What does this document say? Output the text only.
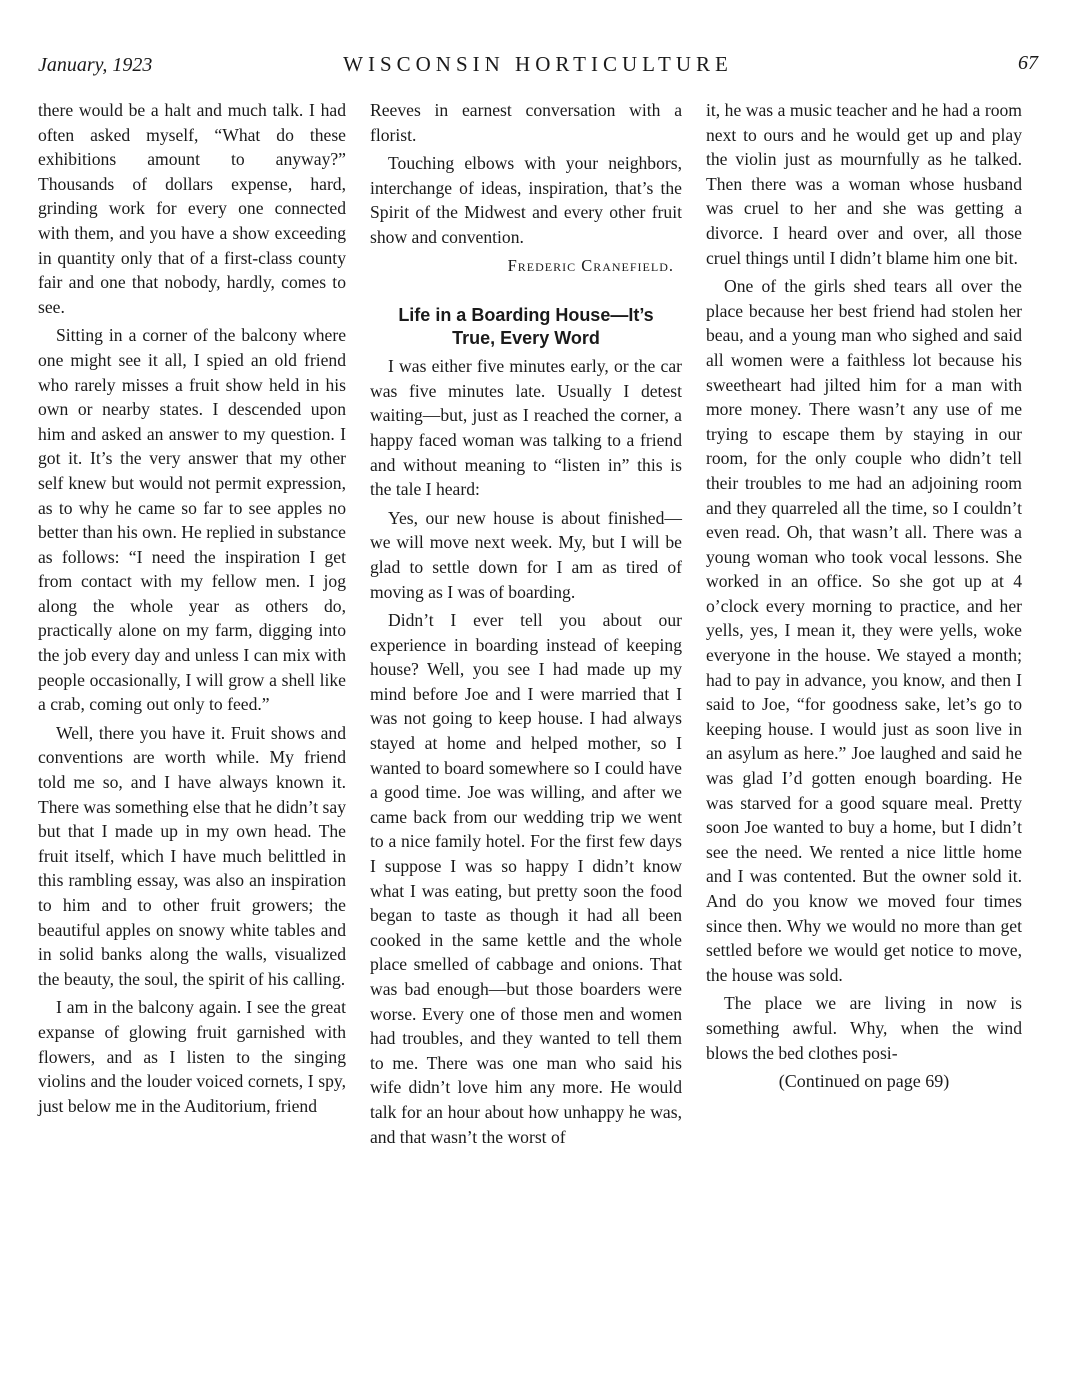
January, 1923	WISCONSIN HORTICULTURE	67

there would be a halt and much talk. I had often asked myself, “What do these exhibitions amount to anyway?” Thousands of dollars expense, hard, grinding work for every one connected with them, and you have a show exceeding in quantity only that of a first-class county fair and one that nobody, hardly, comes to see.

Sitting in a corner of the balcony where one might see it all, I spied an old friend who rarely misses a fruit show held in his own or nearby states. I descended upon him and asked an answer to my question. I got it. It’s the very answer that my other self knew but would not permit expression, as to why he came so far to see apples no better than his own. He replied in substance as follows: “I need the inspiration I get from contact with my fellow men. I jog along the whole year as others do, practically alone on my farm, digging into the job every day and unless I can mix with people occasionally, I will grow a shell like a crab, coming out only to feed.”

Well, there you have it. Fruit shows and conventions are worth while. My friend told me so, and I have always known it. There was something else that he didn’t say but that I made up in my own head. The fruit itself, which I have much belittled in this rambling essay, was also an inspiration to him and to other fruit growers; the beautiful apples on snowy white tables and in solid banks along the walls, visualized the beauty, the soul, the spirit of his calling.

I am in the balcony again. I see the great expanse of glowing fruit garnished with flowers, and as I listen to the singing violins and the louder voiced cornets, I spy, just below me in the Auditorium, friend

Reeves in earnest conversation with a florist.

Touching elbows with your neighbors, interchange of ideas, inspiration, that’s the Spirit of the Midwest and every other fruit show and convention.

Frederic Cranefield.
Life in a Boarding House—It’s
True, Every Word

I was either five minutes early, or the car was five minutes late. Usually I detest waiting—but, just as I reached the corner, a happy faced woman was talking to a friend and without meaning to “listen in” this is the tale I heard:

Yes, our new house is about finished—we will move next week. My, but I will be glad to settle down for I am as tired of moving as I was of boarding.

Didn’t I ever tell you about our experience in boarding instead of keeping house? Well, you see I had made up my mind before Joe and I were married that I was not going to keep house. I had always stayed at home and helped mother, so I wanted to board somewhere so I could have a good time. Joe was willing, and after we came back from our wedding trip we went to a nice family hotel. For the first few days I suppose I was so happy I didn’t know what I was eating, but pretty soon the food began to taste as though it had all been cooked in the same kettle and the whole place smelled of cabbage and onions. That was bad enough—but those boarders were worse. Every one of those men and women had troubles, and they wanted to tell them to me. There was one man who said his wife didn’t love him any more. He would talk for an hour about how unhappy he was, and that wasn’t the worst of

it, he was a music teacher and he had a room next to ours and he would get up and play the violin just as mournfully as he talked. Then there was a woman whose husband was cruel to her and she was getting a divorce. I heard over and over, all those cruel things until I didn’t blame him one bit.

One of the girls shed tears all over the place because her best friend had stolen her beau, and a young man who sighed and said all women were a faithless lot because his sweetheart had jilted him for a man with more money. There wasn’t any use of me trying to escape them by staying in our room, for the only couple who didn’t tell their troubles to me had an adjoining room and they quarreled all the time, so I couldn’t even read. Oh, that wasn’t all. There was a young woman who took vocal lessons. She worked in an office. So she got up at 4 o’clock every morning to practice, and her yells, yes, I mean it, they were yells, woke everyone in the house. We stayed a month; had to pay in advance, you know, and then I said to Joe, “for goodness sake, let’s go to keeping house. I would just as soon live in an asylum as here.” Joe laughed and said he was glad I’d gotten enough boarding. He was starved for a good square meal. Pretty soon Joe wanted to buy a home, but I didn’t see the need. We rented a nice little home and I was contented. But the owner sold it. And do you know we moved four times since then. Why we would no more than get settled before we would get notice to move, the house was sold.

The place we are living in now is something awful. Why, when the wind blows the bed clothes posi-

(Continued on page 69)
